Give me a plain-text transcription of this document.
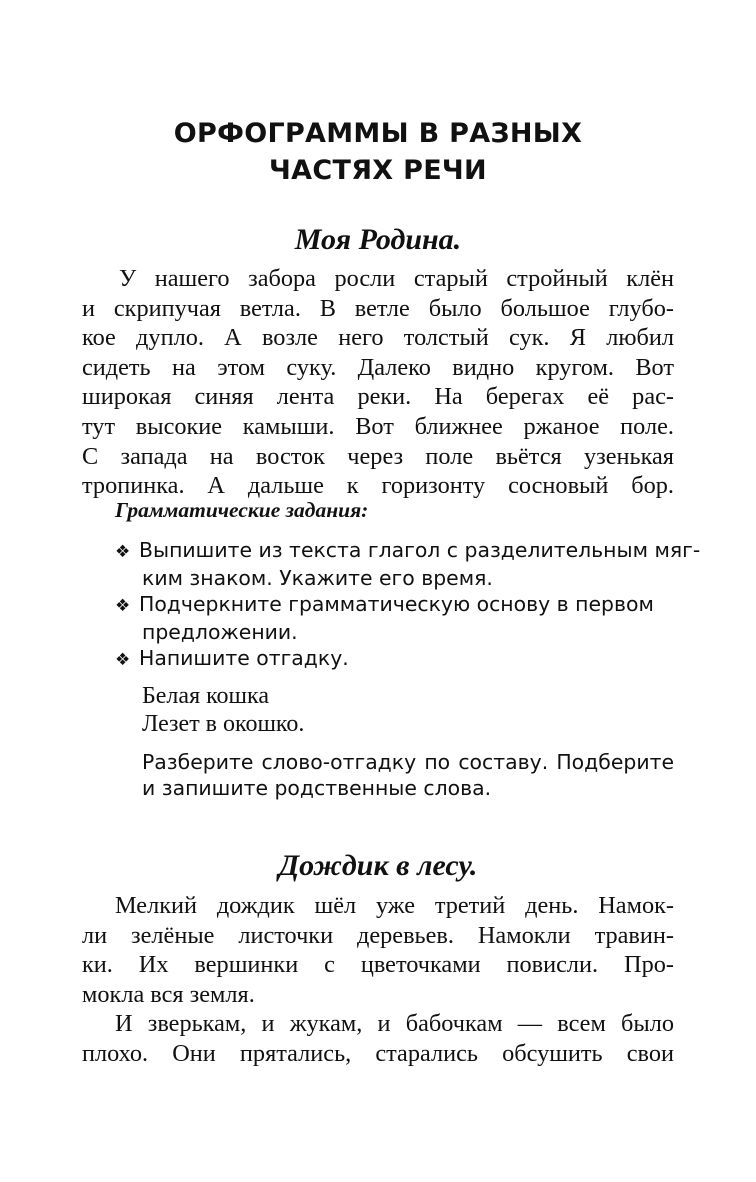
ОРФОГРАММЫ В РАЗНЫХ
ЧАСТЯХ РЕЧИ
Моя Родина.
У нашего забора росли старый стройный клён
и скрипучая ветла. В ветле было большое глубо-
кое дупло. А возле него толстый сук. Я любил
сидеть на этом суку. Далеко видно кругом. Вот
широкая синяя лента реки. На берегах её рас-
тут высокие камыши. Вот ближнее ржаное поле.
С запада на восток через поле вьётся узенькая
тропинка. А дальше к горизонту сосновый бор.
Грамматические задания:
❖ Выпишите из текста глагол с разделительным мяг-
ким знаком. Укажите его время.
❖ Подчеркните грамматическую основу в первом
предложении.
❖ Напишите отгадку.
Белая кошка
Лезет в окошко.
Разберите слово-отгадку по составу. Подберите
и запишите родственные слова.
Дождик в лесу.
Мелкий дождик шёл уже третий день. Намок-
ли зелёные листочки деревьев. Намокли травин-
ки. Их вершинки с цветочками повисли. Про-
мокла вся земля.
И зверькам, и жукам, и бабочкам — всем было
плохо. Они прятались, старались обсушить свои
